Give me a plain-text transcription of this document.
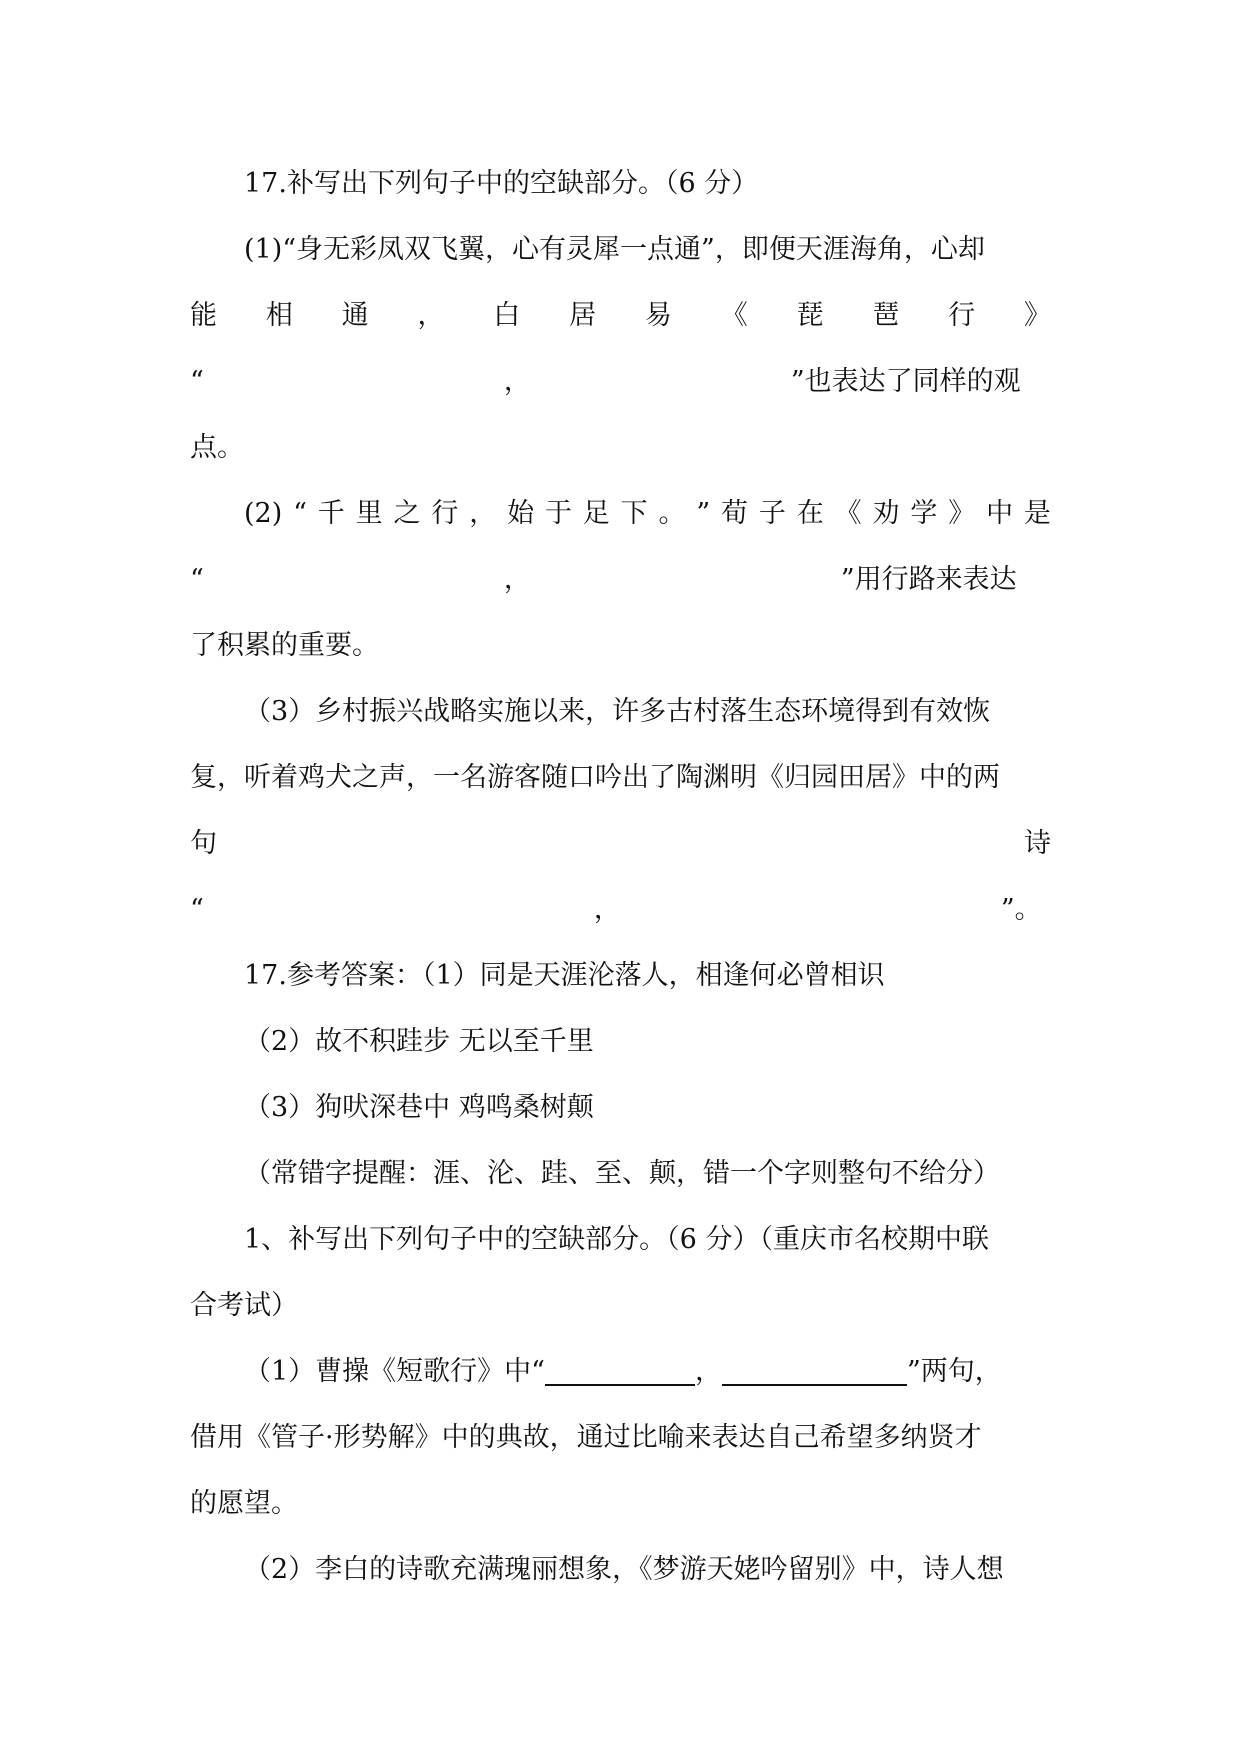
17.补写出下列句子中的空缺部分。（6 分）
(1)“身无彩凤双飞翼，心有灵犀一点通”，即便天涯海角，心却
能 相 通 ， 白 居 易 《 琵 琶 行 》
“	，	”也表达了同样的观
点。
(2) “ 千 里 之 行 ， 始 于 足 下 。 ” 荀 子 在 《 劝 学 》 中 是
“	，	”用行路来表达
了积累的重要。
（3）乡村振兴战略实施以来，许多古村落生态环境得到有效恢
复，听着鸡犬之声，一名游客随口吟出了陶渊明《归园田居》中的两
句	诗
“	，	”。
17.参考答案：（1）同是天涯沦落人，相逢何必曾相识
（2）故不积跬步 无以至千里
（3）狗吠深巷中 鸡鸣桑树颠
（常错字提醒：涯、沦、跬、至、颠，错一个字则整句不给分）
1、补写出下列句子中的空缺部分。（6 分）（重庆市名校期中联
合考试）
（1）曹操《短歌行》中“	，	”两句，
借用《管子·形势解》中的典故，通过比喻来表达自己希望多纳贤才
的愿望。
（2）李白的诗歌充满瑰丽想象，《梦游天姥吟留别》中，诗人想
